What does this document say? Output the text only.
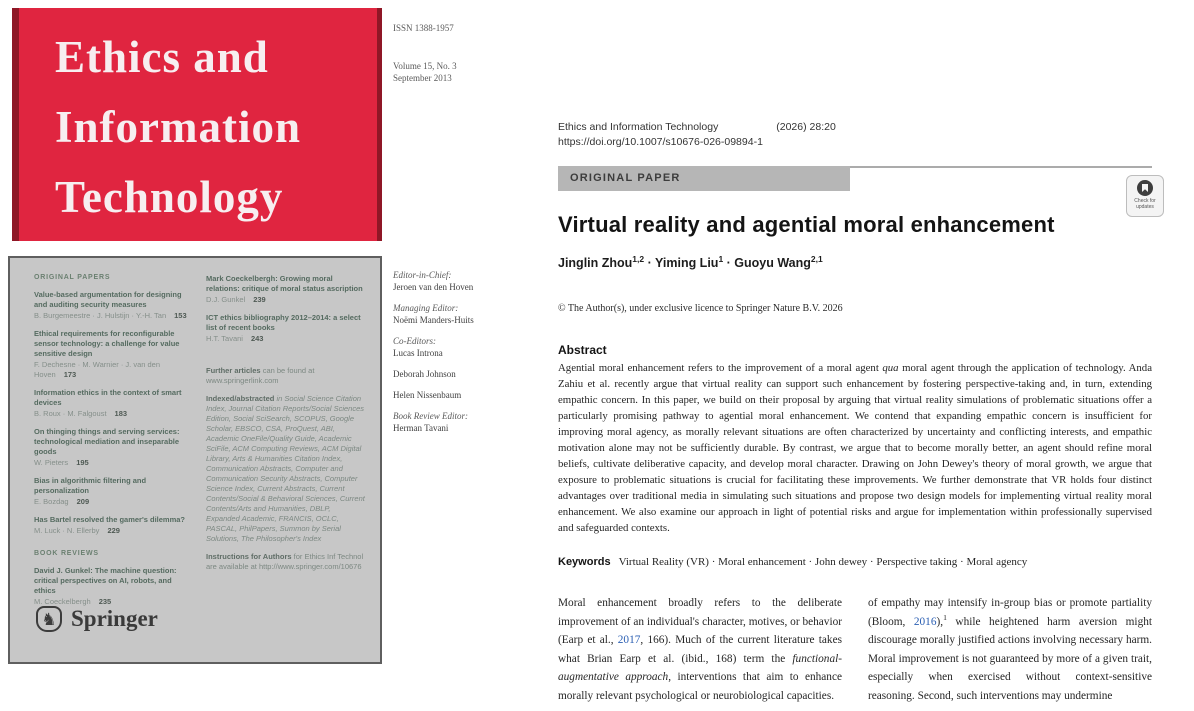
Ethics and
Information
Technology
ISSN 1388-1957
Volume 15, No. 3
September 2013
Editor-in-Chief:
Jeroen van den Hoven
Managing Editor:
Noëmi Manders-Huits
Co-Editors:
Lucas Introna
Deborah Johnson
Helen Nissenbaum
Book Review Editor:
Herman Tavani
ORIGINAL PAPERS
Value-based argumentation for designing and auditing security measures
B. Burgemeestre · J. Hulstijn · Y.-H. Tan 153
Ethical requirements for reconfigurable sensor technology: a challenge for value sensitive design
F. Dechesne · M. Warnier · J. van den Hoven 173
Information ethics in the context of smart devices
B. Roux · M. Falgoust 183
On thinging things and serving services: technological mediation and inseparable goods
W. Pieters 195
Bias in algorithmic filtering and personalization
E. Bozdag 209
Has Bartel resolved the gamer's dilemma?
M. Luck · N. Ellerby 229
BOOK REVIEWS
David J. Gunkel: The machine question: critical perspectives on AI, robots, and ethics
M. Coeckelbergh 235
Mark Coeckelbergh: Growing moral relations: critique of moral status ascription
D.J. Gunkel 239
ICT ethics bibliography 2012–2014: a select list of recent books
H.T. Tavani 243
Further articles can be found at www.springerlink.com
Indexed/abstracted in Social Science Citation Index, Journal Citation Reports/Social Sciences Edition, Social SciSearch, SCOPUS, Google Scholar, EBSCO, CSA, ProQuest, ABI, Academic OneFile/Quality Guide, Academic SciFile, ACM Computing Reviews, ACM Digital Library, Arts & Humanities Citation Index, Communication Abstracts, Computer and Communication Security Abstracts, Computer Science Index, Current Abstracts, Current Contents/Social & Behavioral Sciences, Current Contents/Arts and Humanities, DBLP, Expanded Academic, FRANCIS, OCLC, PASCAL, PhilPapers, Summon by Serial Solutions, The Philosopher's Index
Instructions for Authors for Ethics Inf Technol are available at http://www.springer.com/10676
♞ Springer
Ethics and Information Technology	(2026) 28:20
https://doi.org/10.1007/s10676-026-09894-1
ORIGINAL PAPER
Check for
updates
Virtual reality and agential moral enhancement
Jinglin Zhou$^{1,2}$ · Yiming Liu$^1$ · Guoyu Wang$^{2,1}$
© The Author(s), under exclusive licence to Springer Nature B.V. 2026
Abstract
Agential moral enhancement refers to the improvement of a moral agent qua moral agent through the application of technology. Anda Zahiu et al. recently argue that virtual reality can support such enhancement by fostering perspective-taking and, in turn, extending empathic concern. In this paper, we build on their proposal by arguing that virtual reality simulations of problematic situations offer a particularly promising pathway to agential moral enhancement. We contend that expanding empathic concern is insufficient for improving moral agency, as morally relevant situations are often characterized by uncertainty and conflicting interests, and empathic motivation alone may not be sufficiently durable. By contrast, we argue that to become morally better, an agent should refine moral beliefs, cultivate deliberative capacity, and develop moral character. Drawing on John Dewey's theory of moral growth, we argue that exposure to problematic situations is crucial for facilitating these improvements. We further demonstrate that VR holds four distinct advantages over traditional media in simulating such situations and propose two design models for implementing virtual reality moral enhancement. We also examine our approach in light of potential risks and argue for implementation within professionally supervised and safeguarded contexts.
Keywords Virtual Reality (VR) · Moral enhancement · John dewey · Perspective taking · Moral agency
Moral enhancement broadly refers to the deliberate improvement of an individual's character, motives, or behavior (Earp et al., 2017, 166). Much of the current literature takes what Brian Earp et al. (ibid., 168) term the functional-augmentative approach, interventions that aim to enhance morally relevant psychological or neurobiological capacities.
of empathy may intensify in-group bias or promote partiality (Bloom, 2016),$^1$ while heightened harm aversion might discourage morally justified actions involving necessary harm. Moral improvement is not guaranteed by more of a given trait, especially when exercised without context-sensitive reasoning. Second, such interventions may undermine
